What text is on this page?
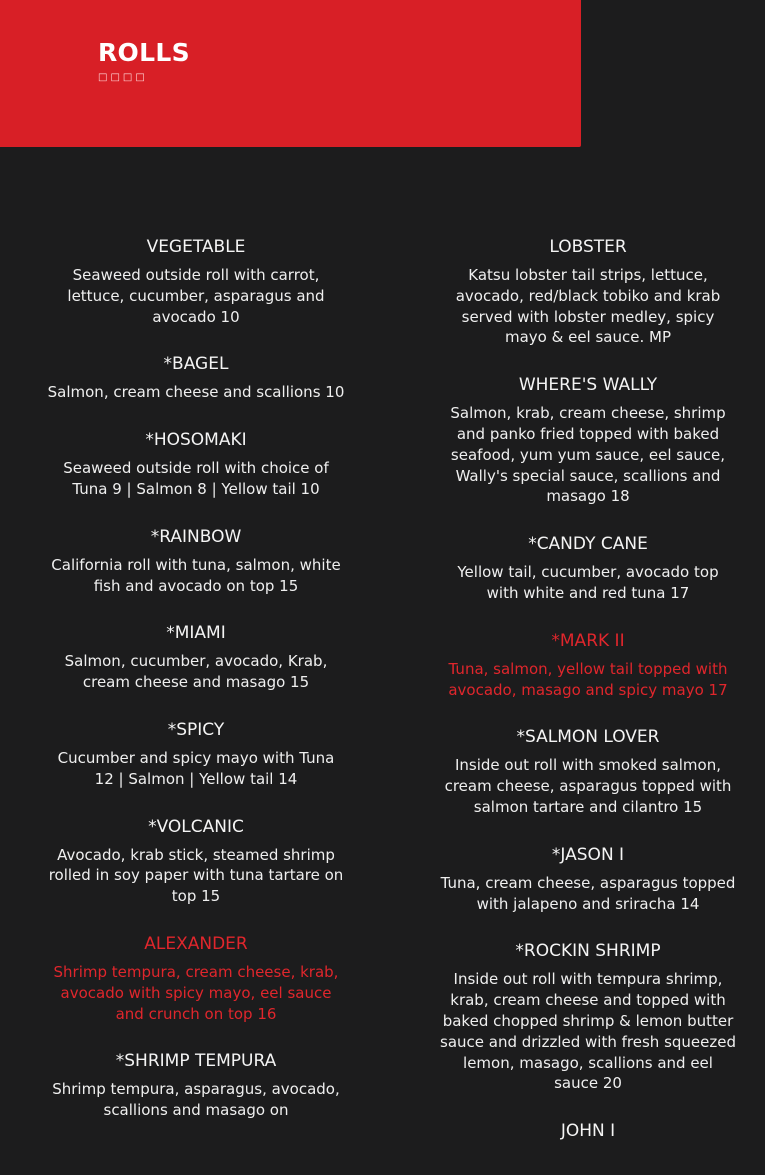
ROLLS
□□□□
VEGETABLE
Seaweed outside roll with carrot, lettuce, cucumber, asparagus and avocado 10
*BAGEL
Salmon, cream cheese and scallions 10
*HOSOMAKI
Seaweed outside roll with choice of Tuna 9 | Salmon 8 | Yellow tail 10
*RAINBOW
California roll with tuna, salmon, white fish and avocado on top 15
*MIAMI
Salmon, cucumber, avocado, Krab, cream cheese and masago 15
*SPICY
Cucumber and spicy mayo with Tuna 12 | Salmon | Yellow tail 14
*VOLCANIC
Avocado, krab stick, steamed shrimp rolled in soy paper with tuna tartare on top 15
ALEXANDER
Shrimp tempura, cream cheese, krab, avocado with spicy mayo, eel sauce and crunch on top 16
*SHRIMP TEMPURA
Shrimp tempura, asparagus, avocado, scallions and masago on
LOBSTER
Katsu lobster tail strips, lettuce, avocado, red/black tobiko and krab served with lobster medley, spicy mayo & eel sauce. MP
WHERE'S WALLY
Salmon, krab, cream cheese, shrimp and panko fried topped with baked seafood, yum yum sauce, eel sauce, Wally's special sauce, scallions and masago 18
*CANDY CANE
Yellow tail, cucumber, avocado top with white and red tuna 17
*MARK II
Tuna, salmon, yellow tail topped with avocado, masago and spicy mayo 17
*SALMON LOVER
Inside out roll with smoked salmon, cream cheese, asparagus topped with salmon tartare and cilantro 15
*JASON I
Tuna, cream cheese, asparagus topped with jalapeno and sriracha 14
*ROCKIN SHRIMP
Inside out roll with tempura shrimp, krab, cream cheese and topped with baked chopped shrimp & lemon butter sauce and drizzled with fresh squeezed lemon, masago, scallions and eel sauce 20
JOHN I
